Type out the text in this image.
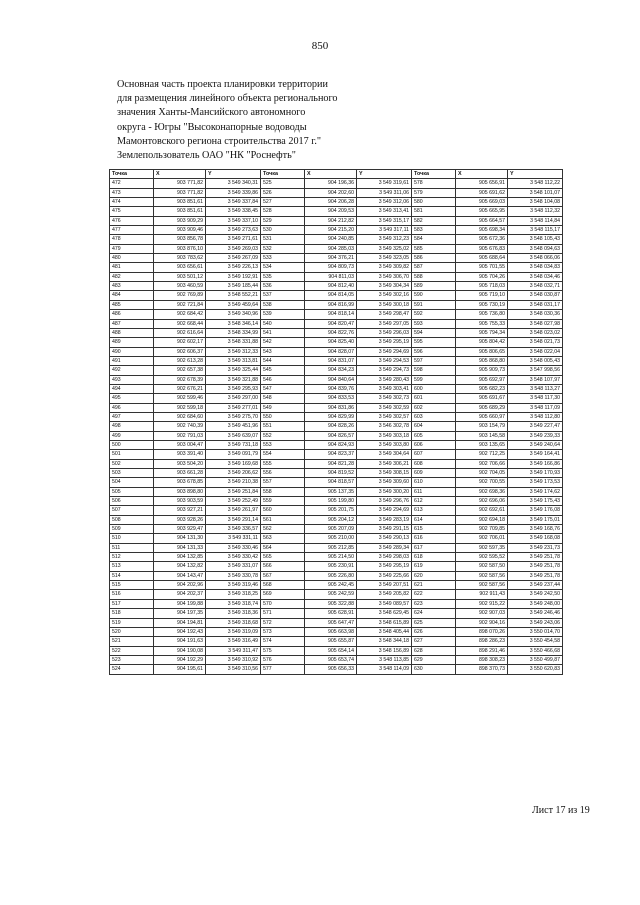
850
Основная часть проекта планировки территории
для размещения линейного объекта регионального
значения Ханты-Мансийского автономного
округа - Югры "Высоконапорные водоводы
Мамонтовского региона строительства 2017 г."
Землепользователь ОАО "НК "Роснефть"
Точка	X	Y	Точка	X	Y	Точка	X	Y
472	903 771,82	3 549 340,31	525	904 196,36	3 549 319,61	578	905 656,91	3 548 112,22
473	903 771,82	3 549 339,86	526	904 202,60	3 549 311,06	579	905 691,62	3 548 101,07
474	903 851,61	3 549 337,84	527	904 206,28	3 549 312,06	580	905 669,03	3 548 104,08
475	903 851,61	3 549 338,45	528	904 209,53	3 549 313,41	581	905 665,95	3 548 112,32
476	903 909,29	3 549 337,10	529	904 212,82	3 549 315,17	582	905 664,57	3 548 114,84
477	903 909,46	3 549 273,63	530	904 215,20	3 549 317,11	583	905 698,34	3 548 115,17
478	903 856,78	3 549 271,61	531	904 240,85	3 549 312,23	584	905 672,36	3 548 105,43
479	903 876,10	3 549 269,03	532	904 285,03	3 549 325,02	585	905 676,83	3 548 094,63
480	903 783,62	3 549 267,09	533	904 376,21	3 549 323,05	586	905 688,64	3 548 066,06
481	903 656,61	3 549 226,13	534	904 809,73	3 549 309,82	587	905 701,55	3 548 034,83
482	903 501,12	3 549 192,91	535	904 811,03	3 549 306,70	588	905 704,26	3 548 034,46
483	903 460,59	3 549 185,44	536	904 812,40	3 549 304,34	589	905 718,03	3 548 032,71
484	902 769,89	3 548 552,21	537	904 814,05	3 549 302,16	590	905 719,10	3 548 030,87
485	902 721,84	3 549 459,64	538	904 816,99	3 549 300,18	591	905 730,19	3 548 031,17
486	902 684,42	3 549 340,96	539	904 818,14	3 549 298,47	592	905 736,80	3 548 030,36
487	902 668,44	3 548 346,14	540	904 820,47	3 549 297,05	593	905 755,33	3 548 027,98
488	902 616,64	3 548 334,99	541	904 822,76	3 549 296,03	594	905 794,34	3 548 023,02
489	902 602,17	3 548 331,88	542	904 825,40	3 549 295,19	595	905 804,42	3 548 021,73
490	902 606,37	3 549 312,33	543	904 828,07	3 549 294,69	596	905 806,65	3 548 022,04
491	902 613,28	3 549 313,81	544	904 831,07	3 549 294,53	597	905 868,80	3 548 005,43
492	902 657,38	3 549 325,44	545	904 834,23	3 549 294,73	598	905 909,73	3 547 998,56
493	902 678,39	3 549 321,88	546	904 840,64	3 549 280,43	599	905 692,97	3 548 107,97
494	902 676,21	3 549 295,93	547	904 839,76	3 549 303,41	600	905 682,23	3 548 113,27
495	902 599,46	3 549 297,00	548	904 833,53	3 549 302,73	601	905 691,67	3 548 117,30
496	902 599,18	3 549 277,01	549	904 831,86	3 549 302,59	602	905 689,29	3 548 117,09
497	902 684,60	3 549 275,70	550	904 829,99	3 549 302,57	603	905 660,97	3 548 112,80
498	902 740,39	3 549 451,96	551	904 828,26	3 546 302,78	604	903 154,79	3 549 227,47
499	902 791,03	3 549 639,07	552	904 826,57	3 549 303,18	605	903 145,58	3 549 239,33
500	903 004,47	3 549 731,18	553	904 824,93	3 549 303,80	606	903 135,65	3 549 240,64
501	903 391,40	3 549 091,79	554	904 823,37	3 549 304,64	607	902 712,25	3 549 164,41
502	903 504,20	3 549 169,68	555	904 821,28	3 549 306,21	608	902 706,66	3 549 166,86
503	903 661,28	3 549 206,62	556	904 819,52	3 549 308,15	609	902 704,05	3 549 170,93
504	903 678,85	3 549 210,38	557	904 818,57	3 549 309,60	610	902 700,55	3 549 173,53
505	903 898,80	3 549 251,84	558	905 137,35	3 549 300,20	611	902 698,36	3 549 174,62
506	903 903,59	3 549 252,49	559	905 199,80	3 549 296,76	612	902 696,06	3 549 175,43
507	903 927,21	3 549 261,97	560	905 201,75	3 549 294,69	613	902 692,61	3 549 176,08
508	903 928,26	3 549 291,14	561	905 204,12	3 549 283,19	614	902 694,18	3 549 175,01
509	903 929,47	3 549 336,57	562	905 207,09	3 549 291,15	615	902 709,85	3 549 168,76
510	904 131,30	3 549 331,11	563	905 210,00	3 549 290,13	616	902 706,01	3 549 168,08
511	904 131,33	3 549 330,46	564	905 212,85	3 549 289,34	617	902 597,35	3 549 231,73
512	904 132,85	3 549 330,42	565	905 214,50	3 549 298,03	618	902 595,52	3 549 251,78
513	904 132,82	3 549 331,07	566	905 230,91	3 549 295,19	619	902 587,50	3 549 251,78
514	904 143,47	3 549 330,78	567	905 226,80	3 549 225,66	620	902 587,56	3 549 251,78
515	904 202,96	3 549 319,46	568	905 242,45	3 549 207,51	621	902 587,56	3 549 237,44
516	904 202,37	3 549 318,25	569	905 242,59	3 549 205,82	622	902 911,43	3 549 242,50
517	904 199,88	3 549 318,74	570	905 322,88	3 549 089,57	623	902 915,22	3 549 248,00
518	904 197,35	3 549 318,36	571	905 628,91	3 548 629,45	624	902 907,03	3 549 246,46
519	904 194,81	3 549 318,68	572	905 647,47	3 548 615,89	625	902 904,16	3 549 243,06
520	904 192,43	3 549 319,09	573	905 663,98	3 548 405,44	626	898 070,26	3 550 014,70
521	904 191,63	3 549 316,49	574	905 655,87	3 548 344,18	627	898 286,23	3 550 454,58
522	904 190,08	3 549 311,47	575	905 654,14	3 548 156,89	628	898 291,46	3 550 466,68
523	904 192,29	3 549 310,92	576	905 653,74	3 548 113,85	629	898 308,23	3 550 499,87
524	904 195,61	3 549 310,56	577	905 656,33	3 548 114,09	630	898 370,73	3 550 620,83
Лист 17 из 19
